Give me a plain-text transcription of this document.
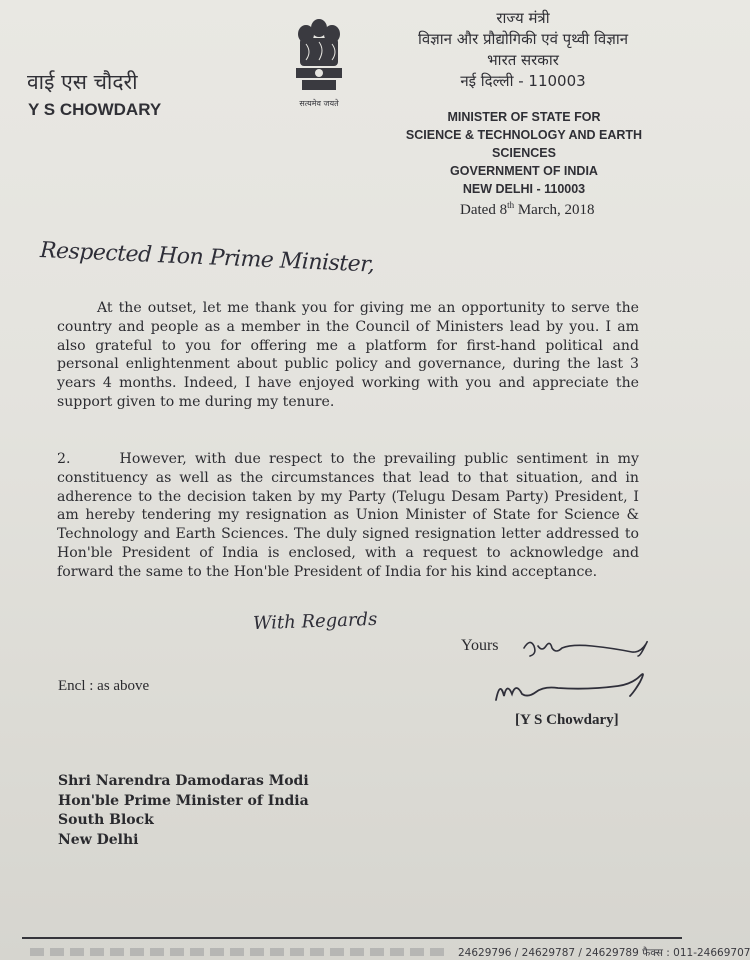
वाई एस चौदरी
Y S CHOWDARY	सत्यमेव जयते
राज्य मंत्री
विज्ञान और प्रौद्योगिकी एवं पृथ्वी विज्ञान
भारत सरकार
नई दिल्ली - 110003
MINISTER OF STATE FOR
SCIENCE & TECHNOLOGY AND EARTH SCIENCES
GOVERNMENT OF INDIA
NEW DELHI - 110003
Dated 8th March, 2018
Respected Hon Prime Minister,
At the outset, let me thank you for giving me an opportunity to serve the country and people as a member in the Council of Ministers lead by you. I am also grateful to you for offering me a platform for first-hand political and personal enlightenment about public policy and governance, during the last 3 years 4 months. Indeed, I have enjoyed working with you and appreciate the support given to me during my tenure.
2.      However, with due respect to the prevailing public sentiment in my constituency as well as the circumstances that lead to that situation, and in adherence to the decision taken by my Party (Telugu Desam Party) President, I am hereby tendering my resignation as Union Minister of State for Science & Technology and Earth Sciences. The duly signed resignation letter addressed to Hon'ble President of India is enclosed, with a request to acknowledge and forward the same to the Hon'ble President of India for his kind acceptance.
With Regards
Yours
Encl : as above
[Y S Chowdary]
Shri Narendra Damodaras Modi
Hon'ble Prime Minister of India
South Block
New Delhi
24629796 / 24629787 / 24629789 फैक्स : 011-24669707
